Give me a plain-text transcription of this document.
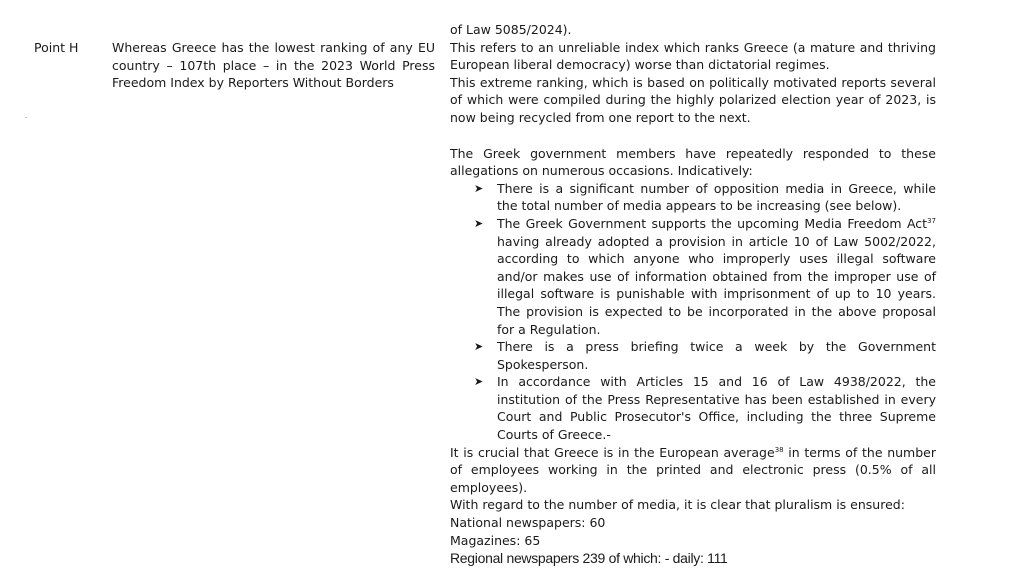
Point H	Whereas Greece has the lowest ranking of any EU country – 107th place – in the 2023 World Press Freedom Index by Reporters Without Borders

of Law 5085/2024).

This refers to an unreliable index which ranks Greece (a mature and thriving European liberal democracy) worse than dictatorial regimes.

This extreme ranking, which is based on politically motivated reports several of which were compiled during the highly polarized election year of 2023, is now being recycled from one report to the next.

The Greek government members have repeatedly responded to these allegations on numerous occasions. Indicatively:

➤ There is a significant number of opposition media in Greece, while the total number of media appears to be increasing (see below).
➤ The Greek Government supports the upcoming Media Freedom Act$^{37}$ having already adopted a provision in article 10 of Law 5002/2022, according to which anyone who improperly uses illegal software and/or makes use of information obtained from the improper use of illegal software is punishable with imprisonment of up to 10 years. The provision is expected to be incorporated in the above proposal for a Regulation.
➤ There is a press briefing twice a week by the Government Spokesperson.
➤ In accordance with Articles 15 and 16 of Law 4938/2022, the institution of the Press Representative has been established in every Court and Public Prosecutor's Office, including the three Supreme Courts of Greece.-

It is crucial that Greece is in the European average$^{38}$ in terms of the number of employees working in the printed and electronic press (0.5% of all employees).

With regard to the number of media, it is clear that pluralism is ensured:

National newspapers: 60

Magazines: 65

Regional newspapers 239 of which: - daily: 111
